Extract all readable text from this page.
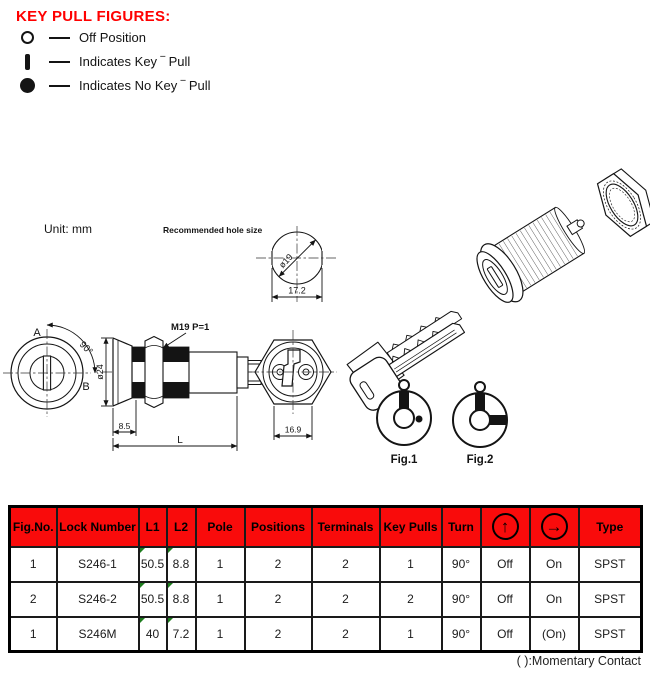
KEY PULL FIGURES:
Off Position
Indicates Key ‾ Pull
Indicates No Key ‾ Pull
Unit: mm	Recommended hole size
ø19
17.2
A
B
90°
M19 P=1
ø24
8.5
L
16.9
Fig.1	Fig.2
Fig.No.	Lock Number	L1	L2	Pole	Positions	Terminals	Key Pulls	Turn	↑	→	Type
1	S246-1	50.5	8.8	1	2	2	1	90°	Off	On	SPST
2	S246-2	50.5	8.8	1	2	2	2	90°	Off	On	SPST
1	S246M	40	7.2	1	2	2	1	90°	Off	(On)	SPST
( ):Momentary Contact
